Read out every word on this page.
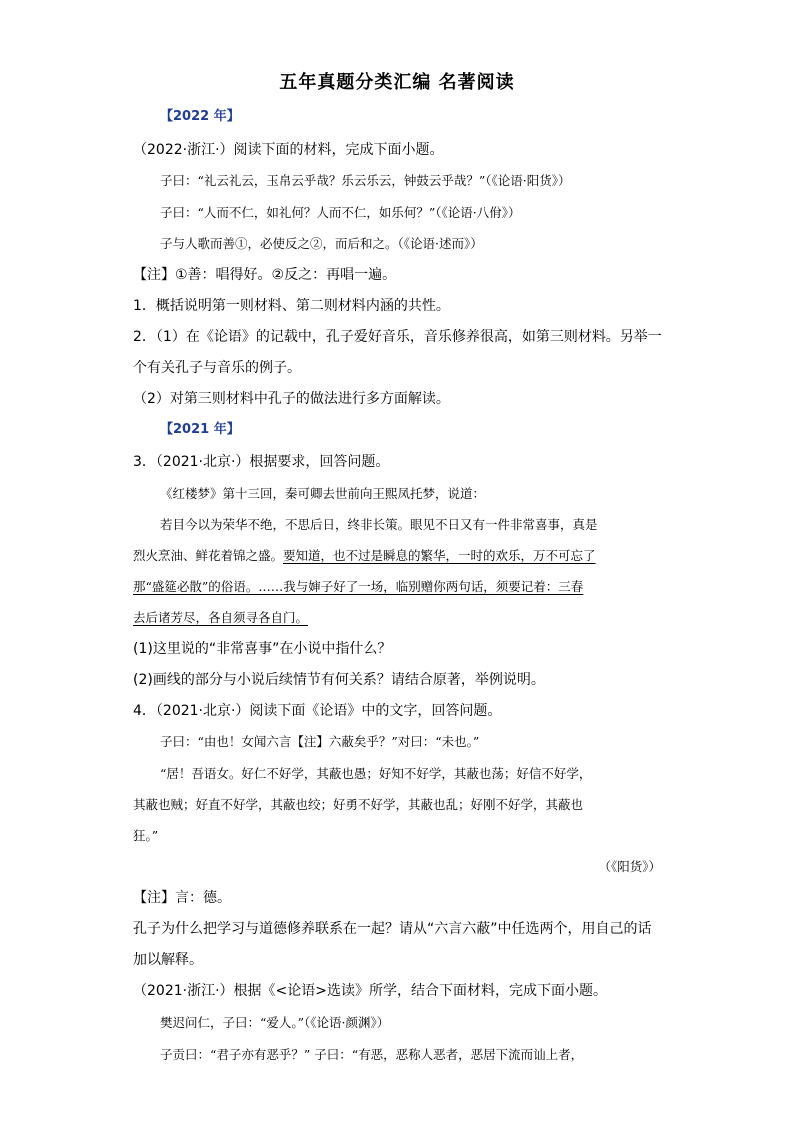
五年真题分类汇编 名著阅读
【2022 年】
（2022·浙江·）阅读下面的材料，完成下面小题。
子曰：“礼云礼云，玉帛云乎哉？乐云乐云，钟鼓云乎哉？”（《论语·阳货》）
子曰：“人而不仁，如礼何？人而不仁，如乐何？”（《论语·八佾》）
子与人歌而善①，必使反之②，而后和之。（《论语·述而》）
【注】①善：唱得好。②反之：再唱一遍。
1．概括说明第一则材料、第二则材料内涵的共性。
2．（1）在《论语》的记载中，孔子爱好音乐，音乐修养很高，如第三则材料。另举一
个有关孔子与音乐的例子。
（2）对第三则材料中孔子的做法进行多方面解读。
【2021 年】
3．（2021·北京·）根据要求，回答问题。
《红楼梦》第十三回，秦可卿去世前向王熙凤托梦，说道：
若目今以为荣华不绝，不思后日，终非长策。眼见不日又有一件非常喜事，真是
烈火烹油、鲜花着锦之盛。要知道，也不过是瞬息的繁华，一时的欢乐，万不可忘了
那“盛筵必散”的俗语。……我与婶子好了一场，临别赠你两句话，须要记着：三春
去后诸芳尽，各自须寻各自门。
(1)这里说的“非常喜事”在小说中指什么？
(2)画线的部分与小说后续情节有何关系？请结合原著，举例说明。
4．（2021·北京·）阅读下面《论语》中的文字，回答问题。
子曰：“由也！女闻六言【注】六蔽矣乎？”对曰：“未也。”
“居！吾语女。好仁不好学，其蔽也愚；好知不好学，其蔽也荡；好信不好学，
其蔽也贼；好直不好学，其蔽也绞；好勇不好学，其蔽也乱；好刚不好学，其蔽也
狂。”
（《阳货》）
【注】言：德。
孔子为什么把学习与道德修养联系在一起？请从“六言六蔽”中任选两个，用自己的话
加以解释。
（2021·浙江·）根据《<论语>选读》所学，结合下面材料，完成下面小题。
樊迟问仁，子曰：“爱人。”（《论语·颜渊》）
子贡曰：“君子亦有恶乎？” 子曰：“有恶，恶称人恶者，恶居下流而讪上者，
